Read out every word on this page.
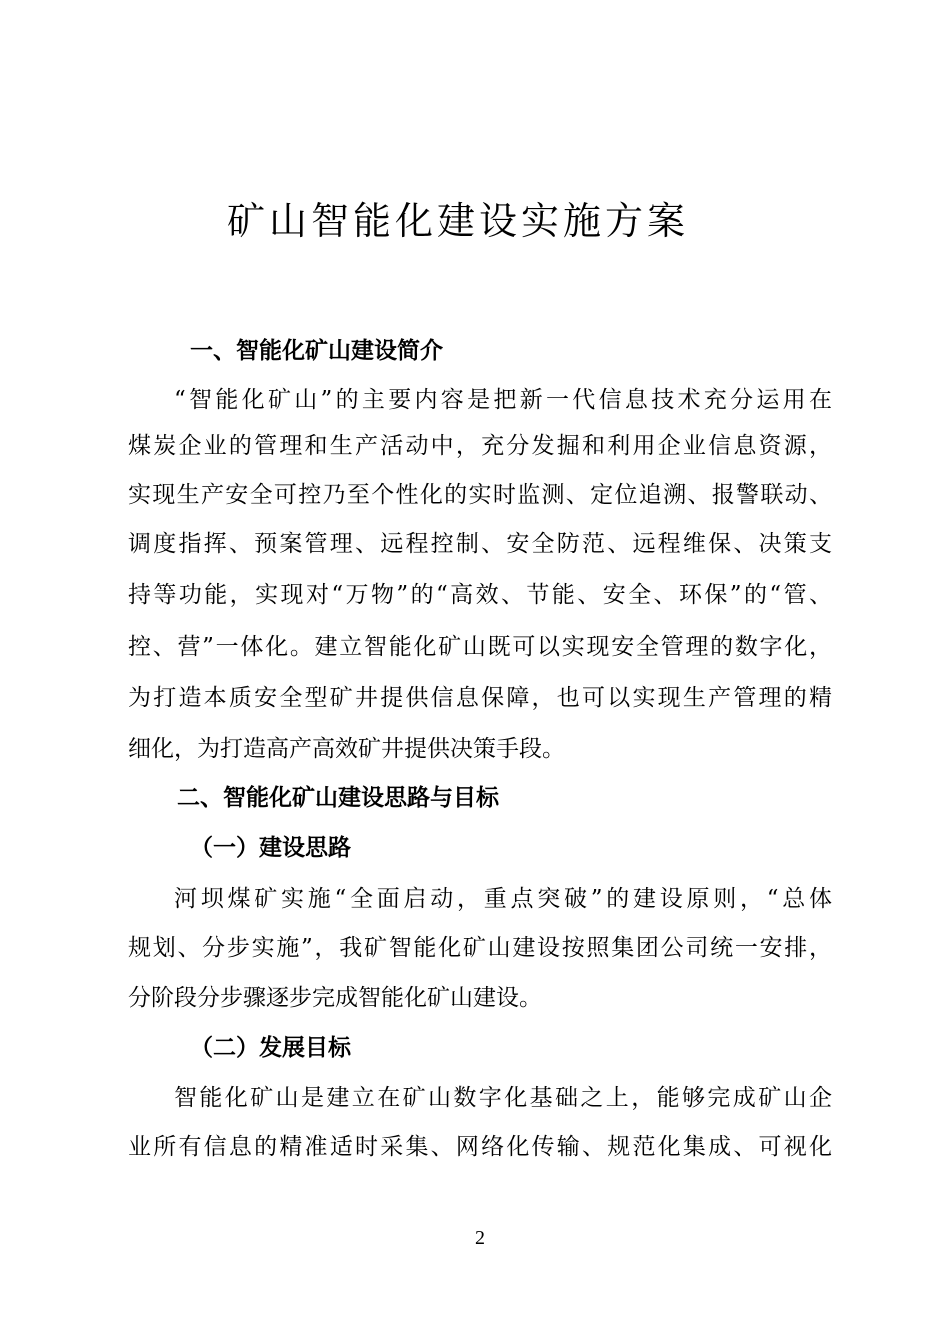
矿山智能化建设实施方案
一、智能化矿山建设简介

“智能化矿山”的主要内容是把新一代信息技术充分运用在

煤炭企业的管理和生产活动中，充分发掘和利用企业信息资源，

实现生产安全可控乃至个性化的实时监测、定位追溯、报警联动、

调度指挥、预案管理、远程控制、安全防范、远程维保、决策支

持等功能，实现对“万物”的“高效、节能、安全、环保”的“管、

控、营”一体化。建立智能化矿山既可以实现安全管理的数字化，

为打造本质安全型矿井提供信息保障，也可以实现生产管理的精

细化，为打造高产高效矿井提供决策手段。

二、智能化矿山建设思路与目标
（一）建设思路

河坝煤矿实施“全面启动，重点突破”的建设原则，“总体

规划、分步实施”，我矿智能化矿山建设按照集团公司统一安排，

分阶段分步骤逐步完成智能化矿山建设。

（二）发展目标

智能化矿山是建立在矿山数字化基础之上，能够完成矿山企

业所有信息的精准适时采集、网络化传输、规范化集成、可视化

2
